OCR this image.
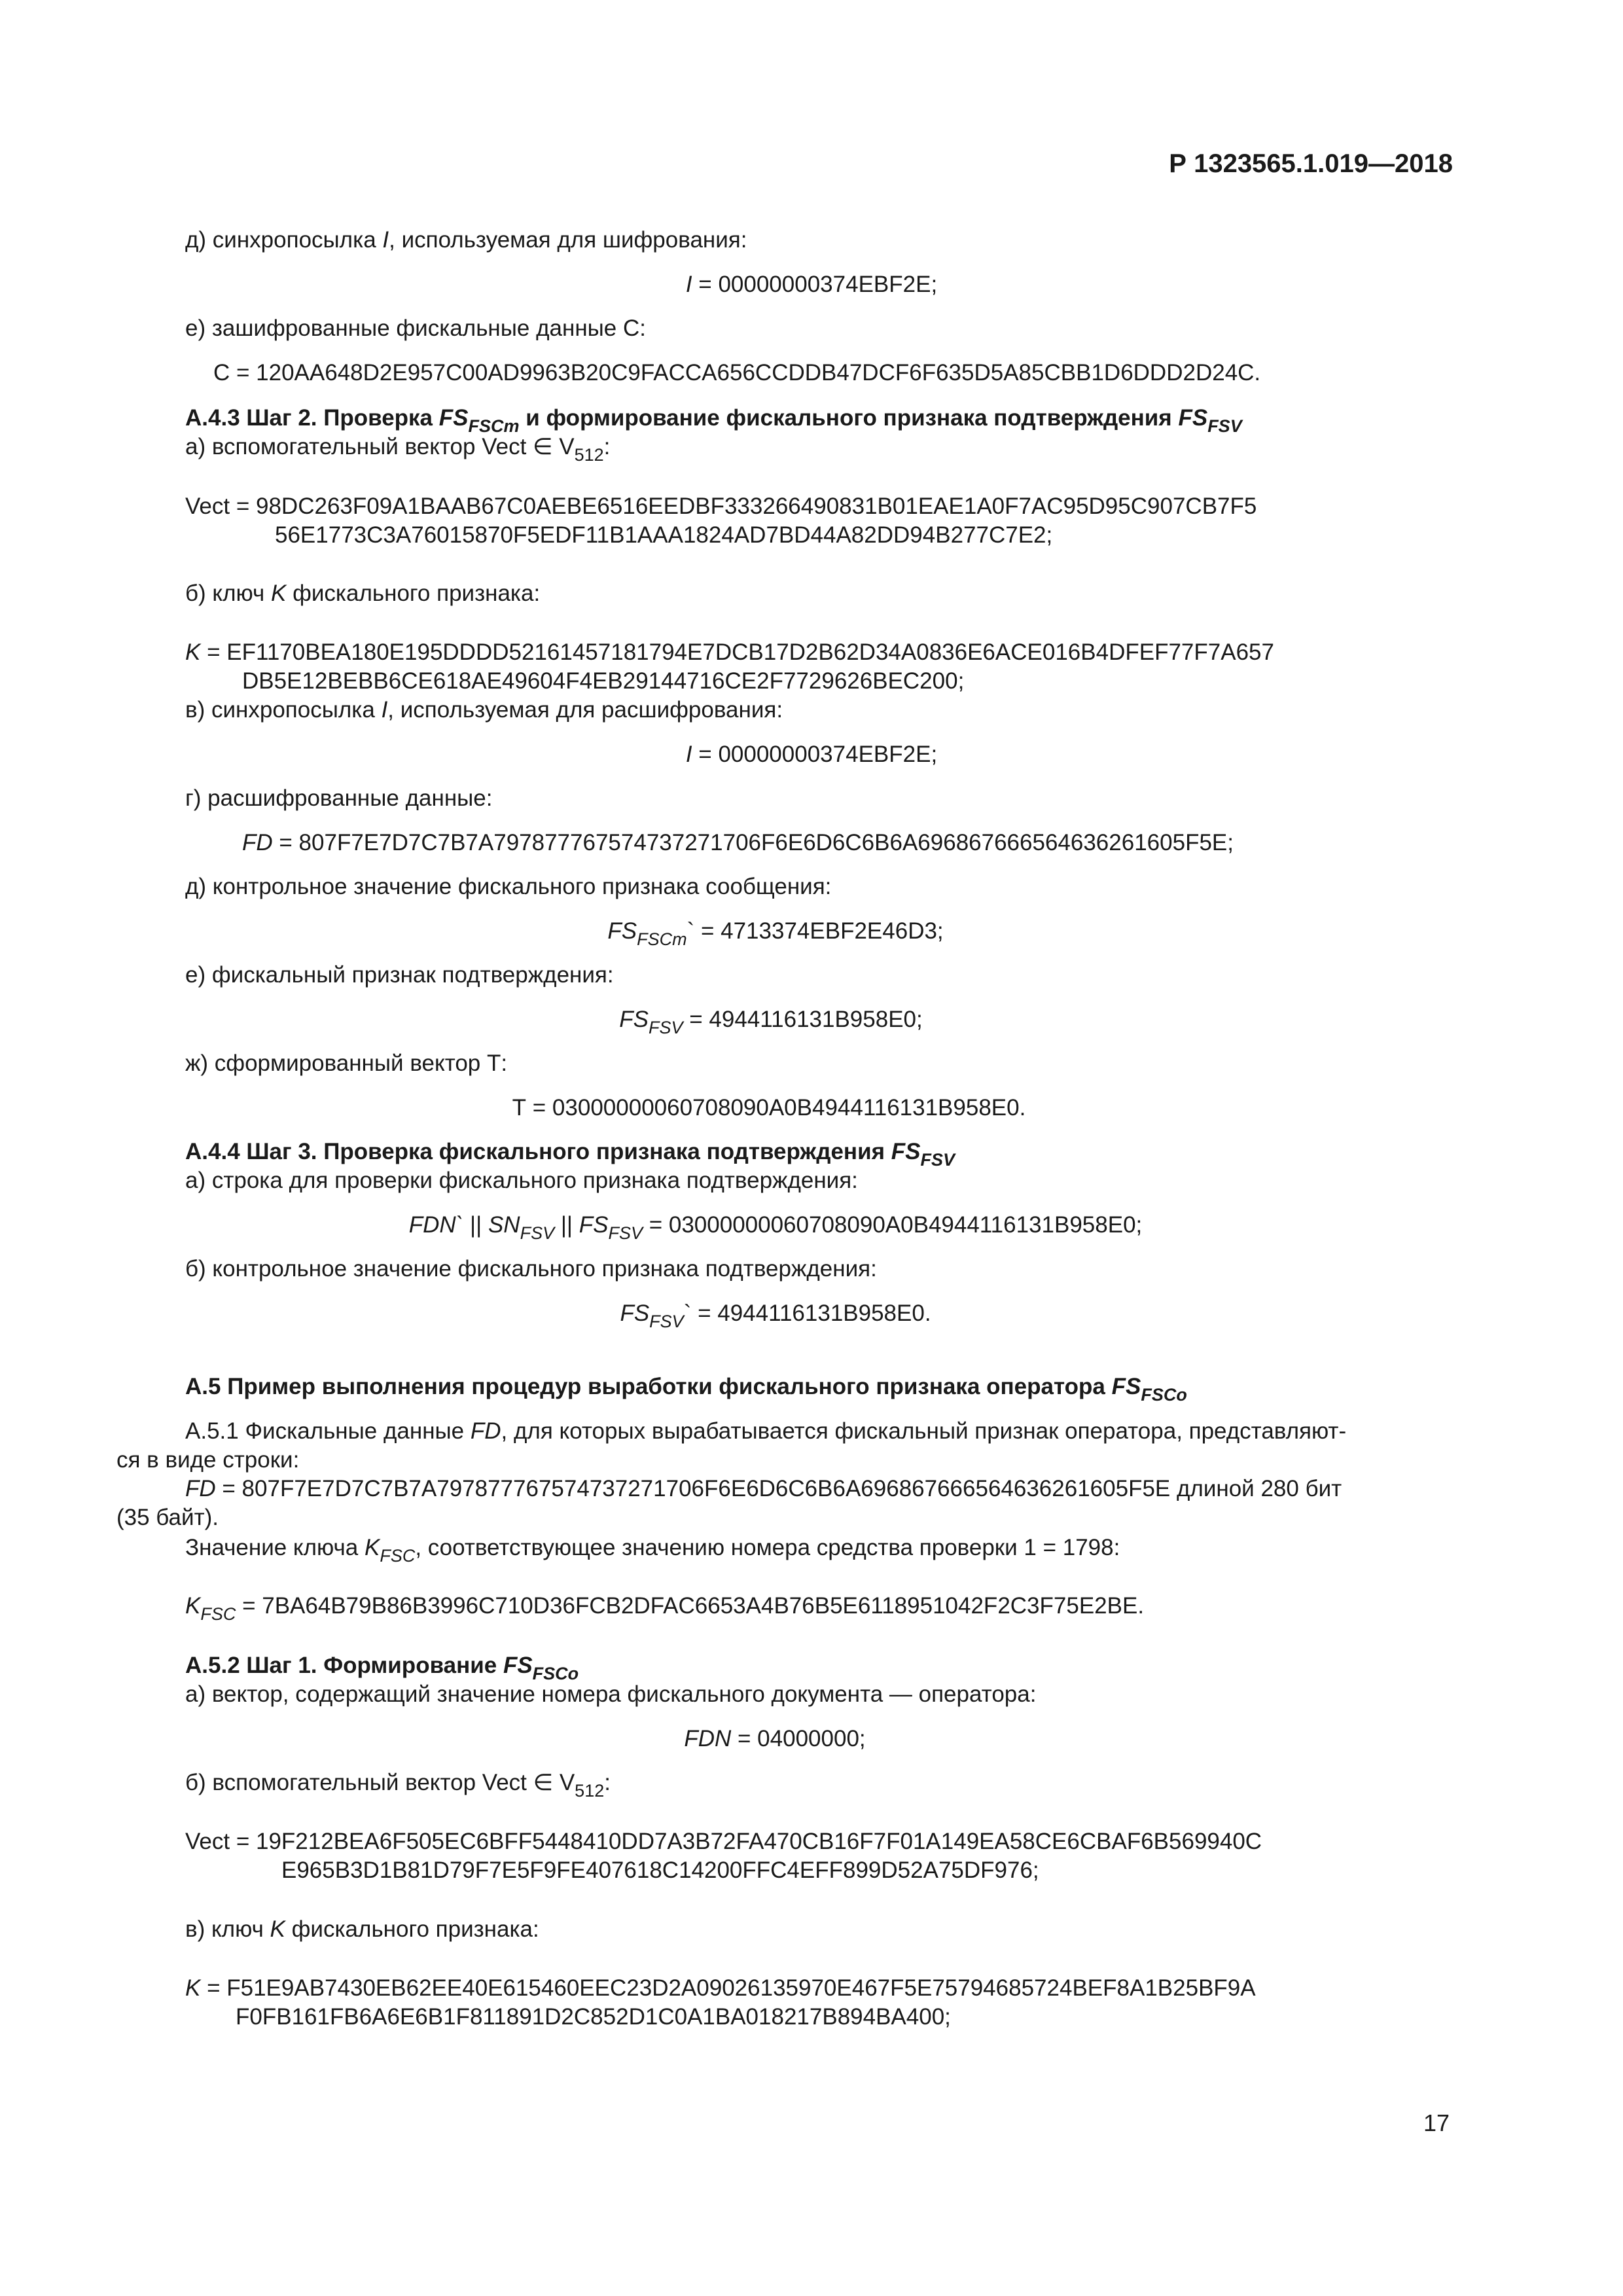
Р 1323565.1.019—2018
д) синхропосылка I, используемая для шифрования:
I = 00000000374EBF2E;
е) зашифрованные фискальные данные С:
С = 120AA648D2E957C00AD9963B20C9FACCA656CCDDB47DCF6F635D5A85CBB1D6DDD2D24C.
А.4.3 Шаг 2. Проверка $FS_{FSCm}$ и формирование фискального признака подтверждения $FS_{FSV}$
а) вспомогательный вектор Vect ∈ $V_{512}$:
Vect = 98DC263F09A1BAAB67C0AEBE6516EEDBF333266490831B01EAE1A0F7AC95D95C907CB7F5
56E1773C3A76015870F5EDF11B1AAA1824AD7BD44A82DD94B277C7E2;
б) ключ K фискального признака:
K = EF1170BEA180E195DDDD52161457181794E7DCB17D2B62D34A0836E6ACE016B4DFEF77F7A657
DB5E12BEBB6CE618AE49604F4EB29144716CE2F7729626BEC200;
в) синхропосылка I, используемая для расшифрования:
I = 00000000374EBF2E;
г) расшифрованные данные:
FD = 807F7E7D7C7B7A797877767574737271706F6E6D6C6B6A696867666564636261605F5E;
д) контрольное значение фискального признака сообщения:
$FS_{FSCm}` = 4713374EBF2E46D3$;
е) фискальный признак подтверждения:
$FS_{FSV} = 4944116131B958E0$;
ж) сформированный вектор Т:
Т = 03000000060708090A0B4944116131B958E0.
А.4.4 Шаг 3. Проверка фискального признака подтверждения $FS_{FSV}$
а) строка для проверки фискального признака подтверждения:
FDN` || $SN_{FSV}$ || $FS_{FSV} = 03000000060708090A0B4944116131B958E0$;
б) контрольное значение фискального признака подтверждения:
$FS_{FSV}` = 4944116131B958E0$.
А.5 Пример выполнения процедур выработки фискального признака оператора $FS_{FSCo}$
А.5.1 Фискальные данные FD, для которых вырабатывается фискальный признак оператора, представляют-
ся в виде строки:
FD = 807F7E7D7C7B7A797877767574737271706F6E6D6C6B6A696867666564636261605F5E длиной 280 бит
(35 байт).
Значение ключа $K_{FSC}$, соответствующее значению номера средства проверки 1 = 1798:
$K_{FSC}$ = 7BA64B79B86B3996C710D36FCB2DFAC6653A4B76B5E6118951042F2C3F75E2BE.
А.5.2 Шаг 1. Формирование $FS_{FSCo}$
а) вектор, содержащий значение номера фискального документа — оператора:
FDN = 04000000;
б) вспомогательный вектор Vect ∈ $V_{512}$:
Vect = 19F212BEA6F505EC6BFF5448410DD7A3B72FA470CB16F7F01A149EA58CE6CBAF6B569940C
E965B3D1B81D79F7E5F9FE407618C14200FFC4EFF899D52A75DF976;
в) ключ K фискального признака:
K = F51E9AB7430EB62EE40E615460EEC23D2A09026135970E467F5E75794685724BEF8A1B25BF9A
F0FB161FB6A6E6B1F811891D2C852D1C0A1BA018217B894BA400;
17
